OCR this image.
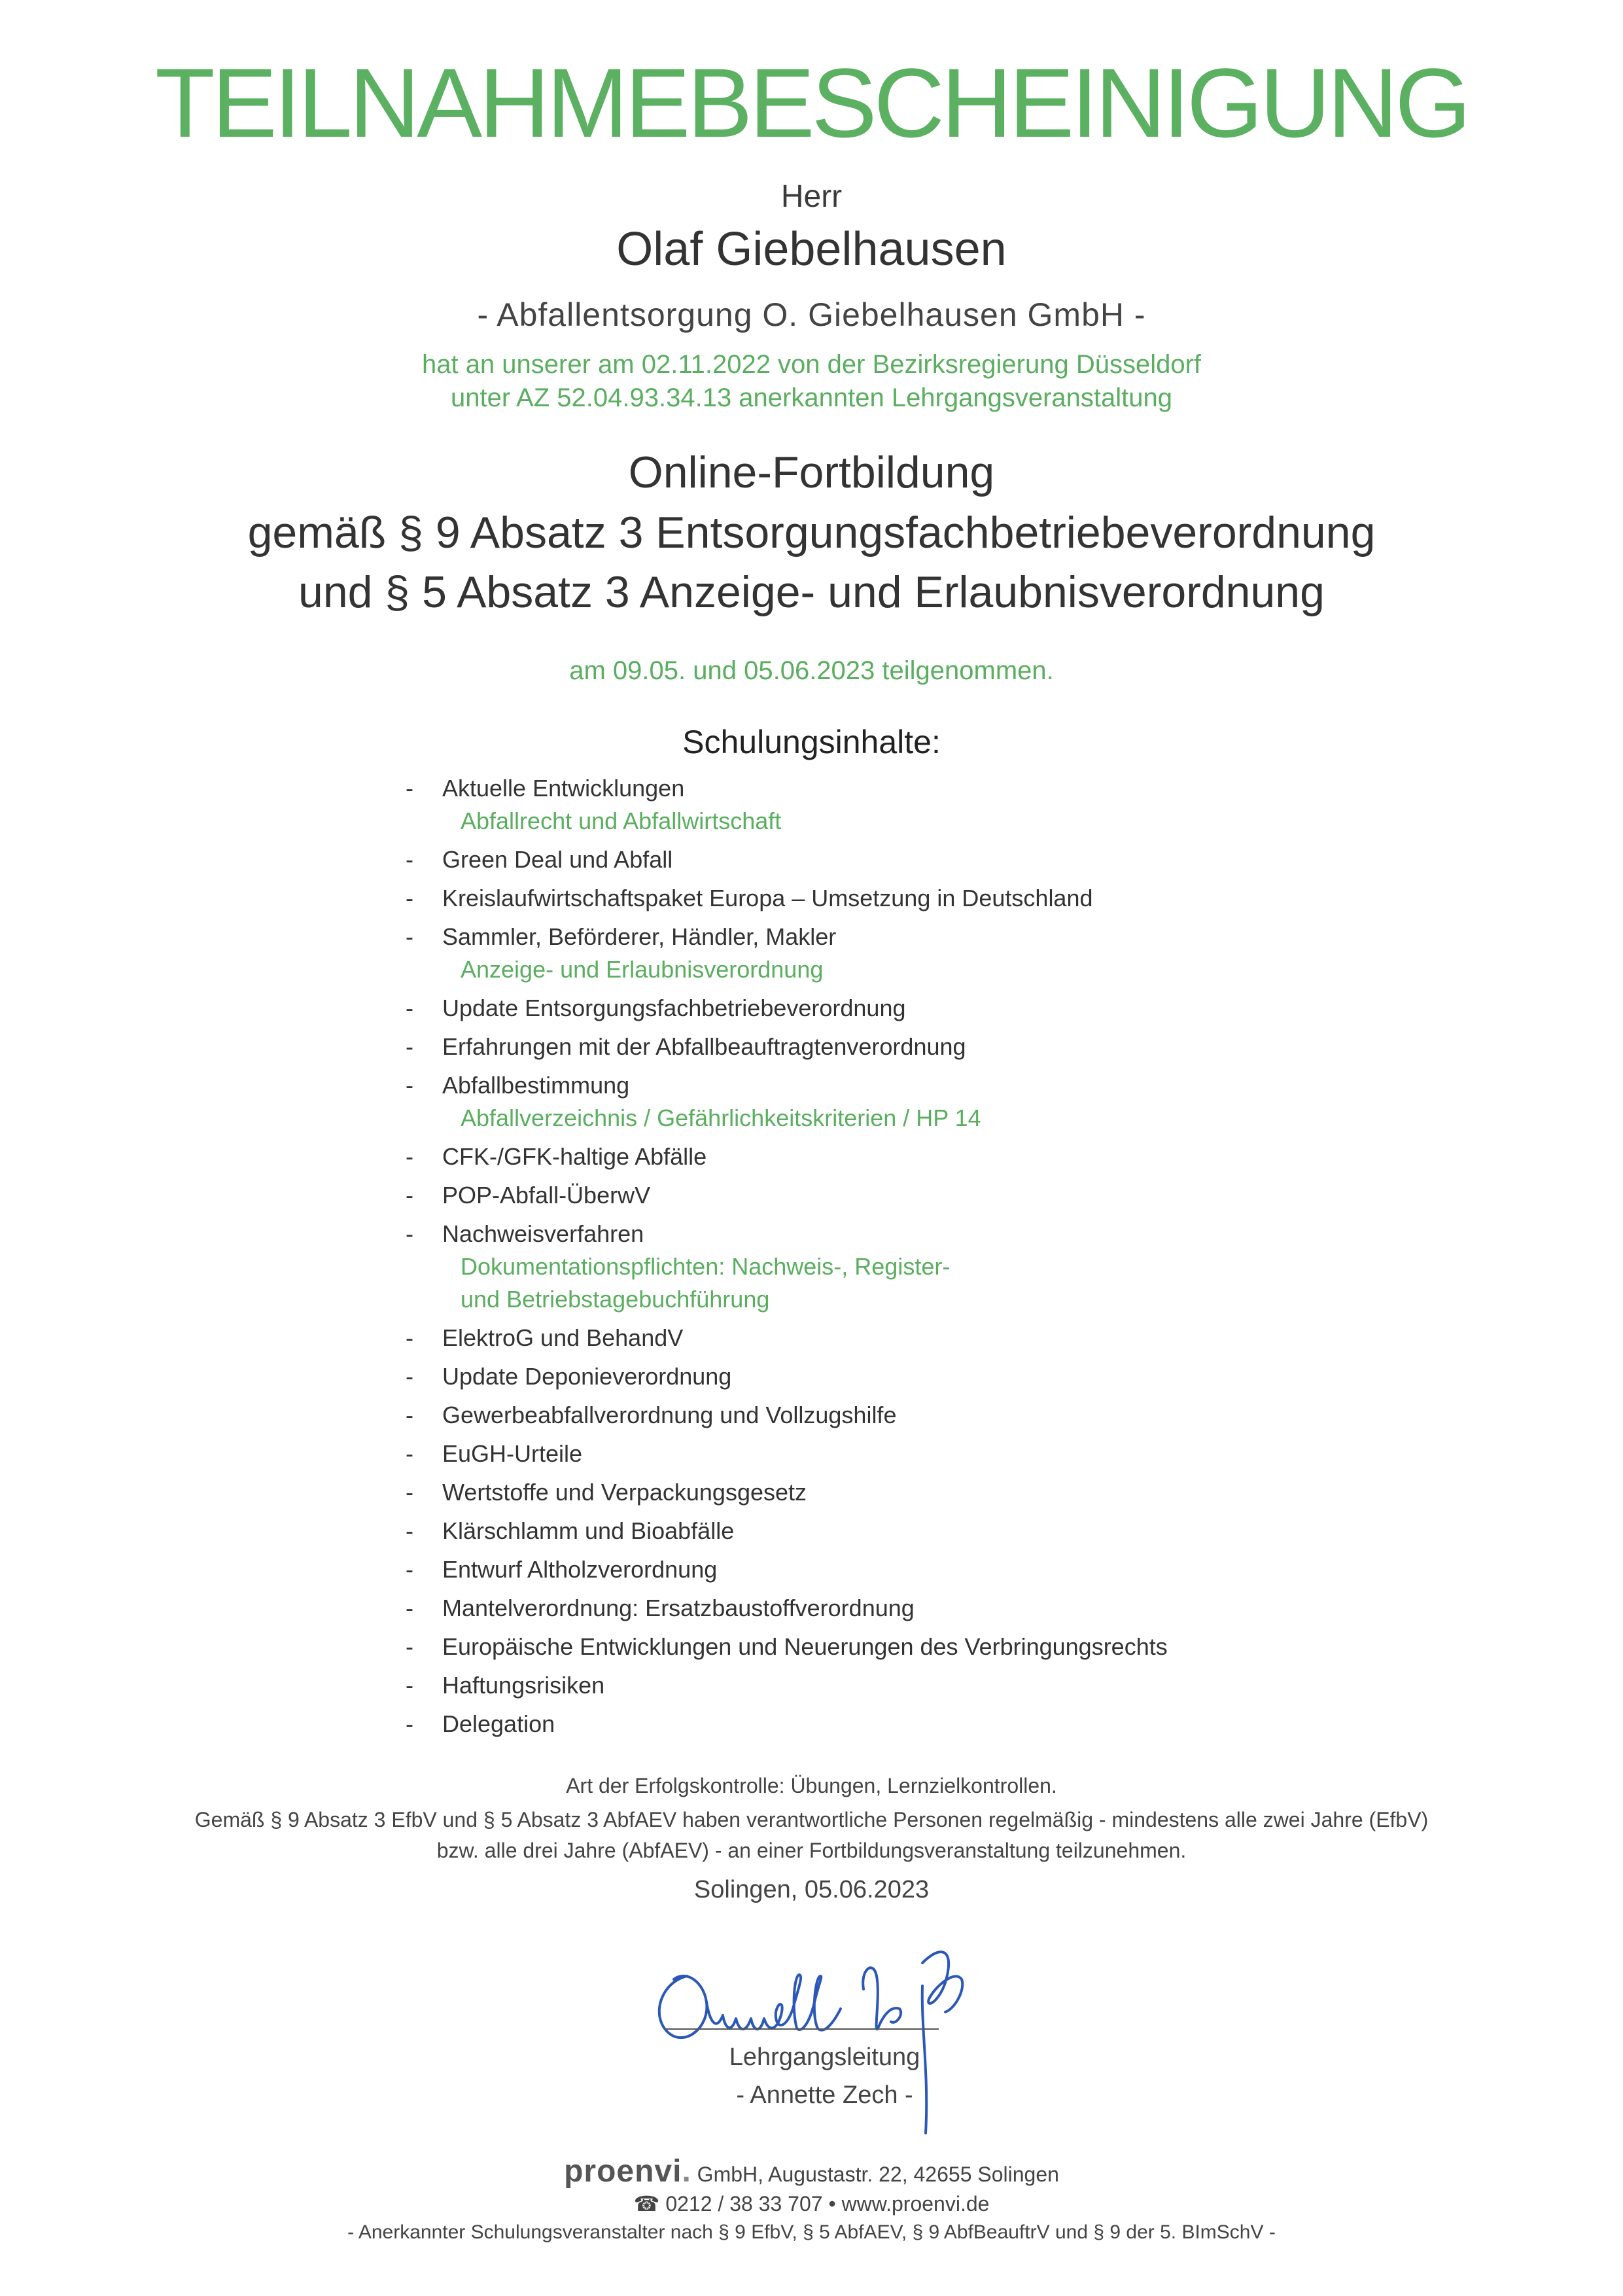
TEILNAHMEBESCHEINIGUNG
Herr
Olaf Giebelhausen
- Abfallentsorgung O. Giebelhausen GmbH -
hat an unserer am 02.11.2022 von der Bezirksregierung Düsseldorf
unter AZ 52.04.93.34.13 anerkannten Lehrgangsveranstaltung
Online-Fortbildung
gemäß § 9 Absatz 3 Entsorgungsfachbetriebeverordnung
und § 5 Absatz 3 Anzeige- und Erlaubnisverordnung
am 09.05. und 05.06.2023 teilgenommen.
Schulungsinhalte:
-	Aktuelle Entwicklungen
Abfallrecht und Abfallwirtschaft
-	Green Deal und Abfall
-	Kreislaufwirtschaftspaket Europa – Umsetzung in Deutschland
-	Sammler, Beförderer, Händler, Makler
Anzeige- und Erlaubnisverordnung
-	Update Entsorgungsfachbetriebeverordnung
-	Erfahrungen mit der Abfallbeauftragtenverordnung
-	Abfallbestimmung
Abfallverzeichnis / Gefährlichkeitskriterien / HP 14
-	CFK-/GFK-haltige Abfälle
-	POP-Abfall-ÜberwV
-	Nachweisverfahren
Dokumentationspflichten: Nachweis-, Register-
und Betriebstagebuchführung
-	ElektroG und BehandV
-	Update Deponieverordnung
-	Gewerbeabfallverordnung und Vollzugshilfe
-	EuGH-Urteile
-	Wertstoffe und Verpackungsgesetz
-	Klärschlamm und Bioabfälle
-	Entwurf Altholzverordnung
-	Mantelverordnung: Ersatzbaustoffverordnung
-	Europäische Entwicklungen und Neuerungen des Verbringungsrechts
-	Haftungsrisiken
-	Delegation
Art der Erfolgskontrolle: Übungen, Lernzielkontrollen.
Gemäß § 9 Absatz 3 EfbV und § 5 Absatz 3 AbfAEV haben verantwortliche Personen regelmäßig - mindestens alle zwei Jahre (EfbV)
bzw. alle drei Jahre (AbfAEV) - an einer Fortbildungsveranstaltung teilzunehmen.
Solingen, 05.06.2023
Lehrgangsleitung
- Annette Zech -
proenvi. GmbH, Augustastr. 22, 42655 Solingen
☎ 0212 / 38 33 707 • www.proenvi.de
- Anerkannter Schulungsveranstalter nach § 9 EfbV, § 5 AbfAEV, § 9 AbfBeauftrV und § 9 der 5. BImSchV -
